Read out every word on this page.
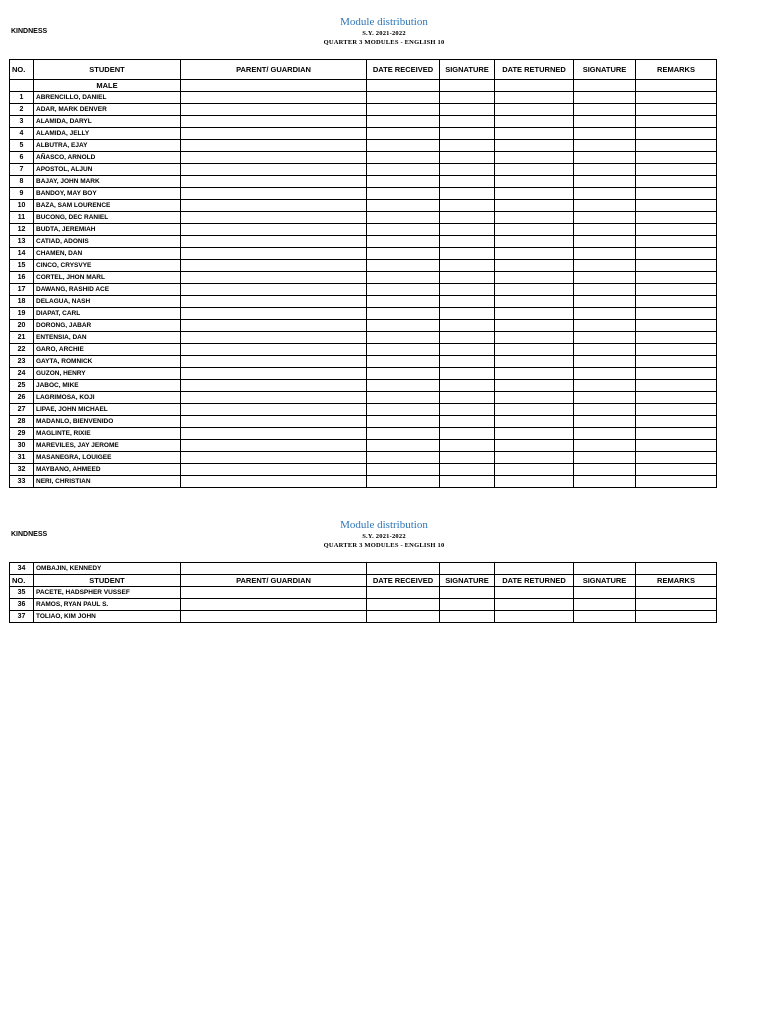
Module distribution
KINDNESS	S.Y. 2021-2022
QUARTER 3 MODULES - ENGLISH 10
NO.	STUDENT	PARENT/ GUARDIAN	DATE RECEIVED	SIGNATURE	DATE RETURNED	SIGNATURE	REMARKS
	MALE						
1	ABRENCILLO, DANIEL						
2	ADAR, MARK DENVER						
3	ALAMIDA, DARYL						
4	ALAMIDA, JELLY						
5	ALBUTRA, EJAY						
6	AÑASCO, ARNOLD						
7	APOSTOL, ALJUN						
8	BAJAY, JOHN MARK						
9	BANDOY, MAY BOY						
10	BAZA, SAM LOURENCE						
11	BUCONG, DEC RANIEL						
12	BUDTA, JEREMIAH						
13	CATIAD, ADONIS						
14	CHAMEN, DAN						
15	CINCO, CRYSVYE						
16	CORTEL, JHON MARL						
17	DAWANG, RASHID ACE						
18	DELAGUA, NASH						
19	DIAPAT, CARL						
20	DORONG, JABAR						
21	ENTENSIA, DAN						
22	GARO, ARCHIE						
23	GAYTA, ROMNICK						
24	GUZON, HENRY						
25	JABOC, MIKE						
26	LAGRIMOSA, KOJI						
27	LIPAE, JOHN MICHAEL						
28	MADANLO, BIENVENIDO						
29	MAGLINTE, RIXIE						
30	MAREVILES, JAY JEROME						
31	MASANEGRA, LOUIGEE						
32	MAYBANO, AHMEED						
33	NERI, CHRISTIAN						
Module distribution
KINDNESS	S.Y. 2021-2022
QUARTER 3 MODULES - ENGLISH 10
34	OMBAJIN, KENNEDY						
NO.	STUDENT	PARENT/ GUARDIAN	DATE RECEIVED	SIGNATURE	DATE RETURNED	SIGNATURE	REMARKS
35	PACETE, HADSPHER VUSSEF						
36	RAMOS, RYAN PAUL S.						
37	TOLIAO, KIM JOHN						
